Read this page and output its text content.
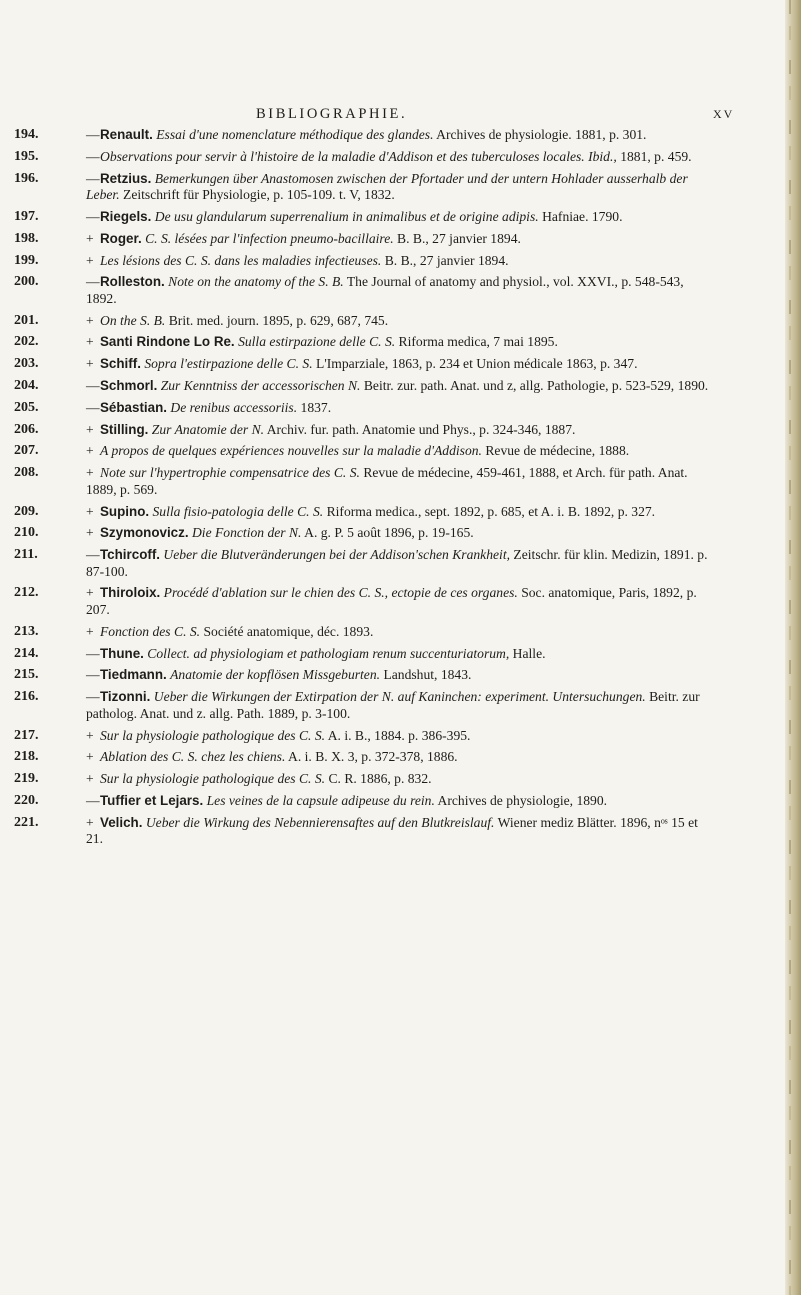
BIBLIOGRAPHIE.	XV
194.	—Renault. Essai d'une nomenclature méthodique des glandes. Archives de physiologie. 1881, p. 301.
195.	—Observations pour servir à l'histoire de la maladie d'Addison et des tuberculoses locales. Ibid., 1881, p. 459.
196.	—Retzius. Bemerkungen über Anastomosen zwischen der Pfortader und der untern Hohlader ausserhalb der Leber. Zeitschrift für Physiologie, p. 105-109. t. V, 1832.
197.	—Riegels. De usu glandularum superrenalium in animalibus et de origine adipis. Hafniae. 1790.
198.	+ Roger. C. S. lésées par l'infection pneumo-bacillaire. B. B., 27 janvier 1894.
199.	+ Les lésions des C. S. dans les maladies infectieuses. B. B., 27 janvier 1894.
200.	—Rolleston. Note on the anatomy of the S. B. The Journal of anatomy and physiol., vol. XXVI., p. 548-543, 1892.
201.	+ On the S. B. Brit. med. journ. 1895, p. 629, 687, 745.
202.	+ Santi Rindone Lo Re. Sulla estirpazione delle C. S. Riforma medica, 7 mai 1895.
203.	+ Schiff. Sopra l'estirpazione delle C. S. L'Imparziale, 1863, p. 234 et Union médicale 1863, p. 347.
204.	—Schmorl. Zur Kenntniss der accessorischen N. Beitr. zur. path. Anat. und z, allg. Pathologie, p. 523-529, 1890.
205.	—Sébastian. De renibus accessoriis. 1837.
206.	+ Stilling. Zur Anatomie der N. Archiv. fur. path. Anatomie und Phys., p. 324-346, 1887.
207.	+ A propos de quelques expériences nouvelles sur la maladie d'Addison. Revue de médecine, 1888.
208.	+ Note sur l'hypertrophie compensatrice des C. S. Revue de médecine, 459-461, 1888, et Arch. für path. Anat. 1889, p. 569.
209.	+ Supino. Sulla fisio-patologia delle C. S. Riforma medica., sept. 1892, p. 685, et A. i. B. 1892, p. 327.
210.	+ Szymonovicz. Die Fonction der N. A. g. P. 5 août 1896, p. 19-165.
211.	—Tchircoff. Ueber die Blutveränderungen bei der Addison'schen Krankheit, Zeitschr. für klin. Medizin, 1891. p. 87-100.
212.	+ Thiroloix. Procédé d'ablation sur le chien des C. S., ectopie de ces organes. Soc. anatomique, Paris, 1892, p. 207.
213.	+ Fonction des C. S. Société anatomique, déc. 1893.
214.	—Thune. Collect. ad physiologiam et pathologiam renum succenturiatorum, Halle.
215.	—Tiedmann. Anatomie der kopflösen Missgeburten. Landshut, 1843.
216.	—Tizonni. Ueber die Wirkungen der Extirpation der N. auf Kaninchen: experiment. Untersuchungen. Beitr. zur patholog. Anat. und z. allg. Path. 1889, p. 3-100.
217.	+ Sur la physiologie pathologique des C. S. A. i. B., 1884. p. 386-395.
218.	+ Ablation des C. S. chez les chiens. A. i. B. X. 3, p. 372-378, 1886.
219.	+ Sur la physiologie pathologique des C. S. C. R. 1886, p. 832.
220.	—Tuffier et Lejars. Les veines de la capsule adipeuse du rein. Archives de physiologie, 1890.
221.	+ Velich. Ueber die Wirkung des Nebennierensaftes auf den Blutkreislauf. Wiener mediz Blätter. 1896, nᵒˢ 15 et 21.
